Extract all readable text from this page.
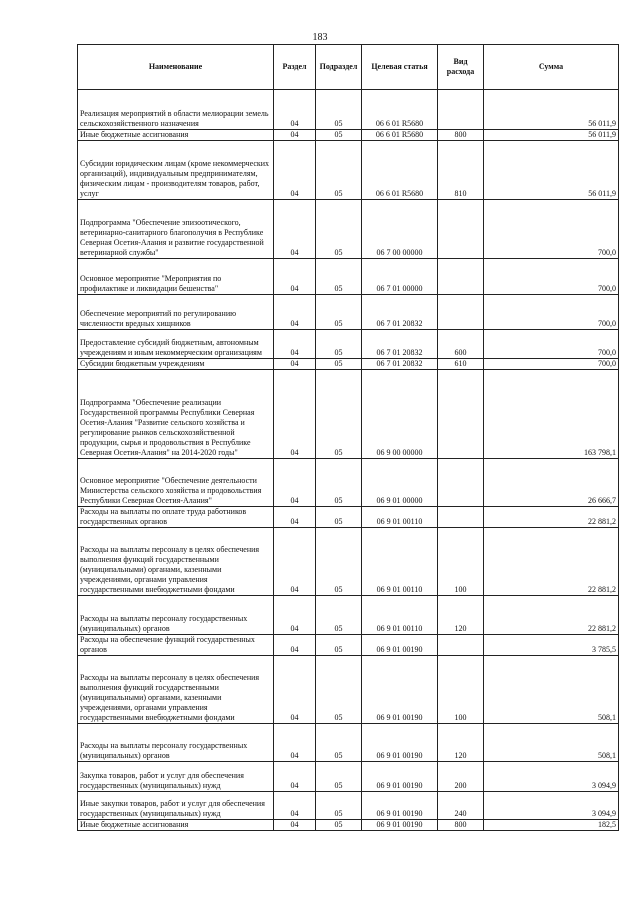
183
Наименование	Раздел	Подраздел	Целевая статья	Вид расхода	Сумма
Реализация мероприятий в области мелиорации земель сельскохозяйственного назначения	04	05	06 6 01 R5680		56 011,9
Иные бюджетные ассигнования	04	05	06 6 01 R5680	800	56 011,9
Субсидии юридическим лицам (кроме некоммерческих организаций), индивидуальным предпринимателям, физическим лицам - производителям товаров, работ, услуг	04	05	06 6 01 R5680	810	56 011,9
Подпрограмма "Обеспечение эпизоотического, ветеринарно-санитарного благополучия в Республике Северная Осетия-Алания и развитие государственной ветеринарной службы"	04	05	06 7 00 00000		700,0
Основное мероприятие "Мероприятия по профилактике и ликвидации бешенства"	04	05	06 7 01 00000		700,0
Обеспечение мероприятий по регулированию численности вредных хищников	04	05	06 7 01 20832		700,0
Предоставление субсидий бюджетным, автономным учреждениям и иным некоммерческим организациям	04	05	06 7 01 20832	600	700,0
Субсидии бюджетным учреждениям	04	05	06 7 01 20832	610	700,0
Подпрограмма "Обеспечение реализации Государственной программы Республики Северная Осетия-Алания "Развитие сельского хозяйства и регулирование рынков сельскохозяйственной продукции, сырья и продовольствия в Республике Северная Осетия-Алания" на 2014-2020 годы"	04	05	06 9 00 00000		163 798,1
Основное мероприятие "Обеспечение деятельности Министерства сельского хозяйства и продовольствия Республики Северная Осетия-Алания"	04	05	06 9 01 00000		26 666,7
Расходы на выплаты по оплате труда работников государственных органов	04	05	06 9 01 00110		22 881,2
Расходы на выплаты персоналу в целях обеспечения выполнения функций государственными (муниципальными) органами, казенными учреждениями, органами управления государственными внебюджетными фондами	04	05	06 9 01 00110	100	22 881,2
Расходы на выплаты персоналу государственных (муниципальных) органов	04	05	06 9 01 00110	120	22 881,2
Расходы на обеспечение функций государственных органов	04	05	06 9 01 00190		3 785,5
Расходы на выплаты персоналу в целях обеспечения выполнения функций государственными (муниципальными) органами, казенными учреждениями, органами управления государственными внебюджетными фондами	04	05	06 9 01 00190	100	508,1
Расходы на выплаты персоналу государственных (муниципальных) органов	04	05	06 9 01 00190	120	508,1
Закупка товаров, работ и услуг для обеспечения государственных (муниципальных) нужд	04	05	06 9 01 00190	200	3 094,9
Иные закупки товаров, работ и услуг для обеспечения государственных (муниципальных) нужд	04	05	06 9 01 00190	240	3 094,9
Иные бюджетные ассигнования	04	05	06 9 01 00190	800	182,5
